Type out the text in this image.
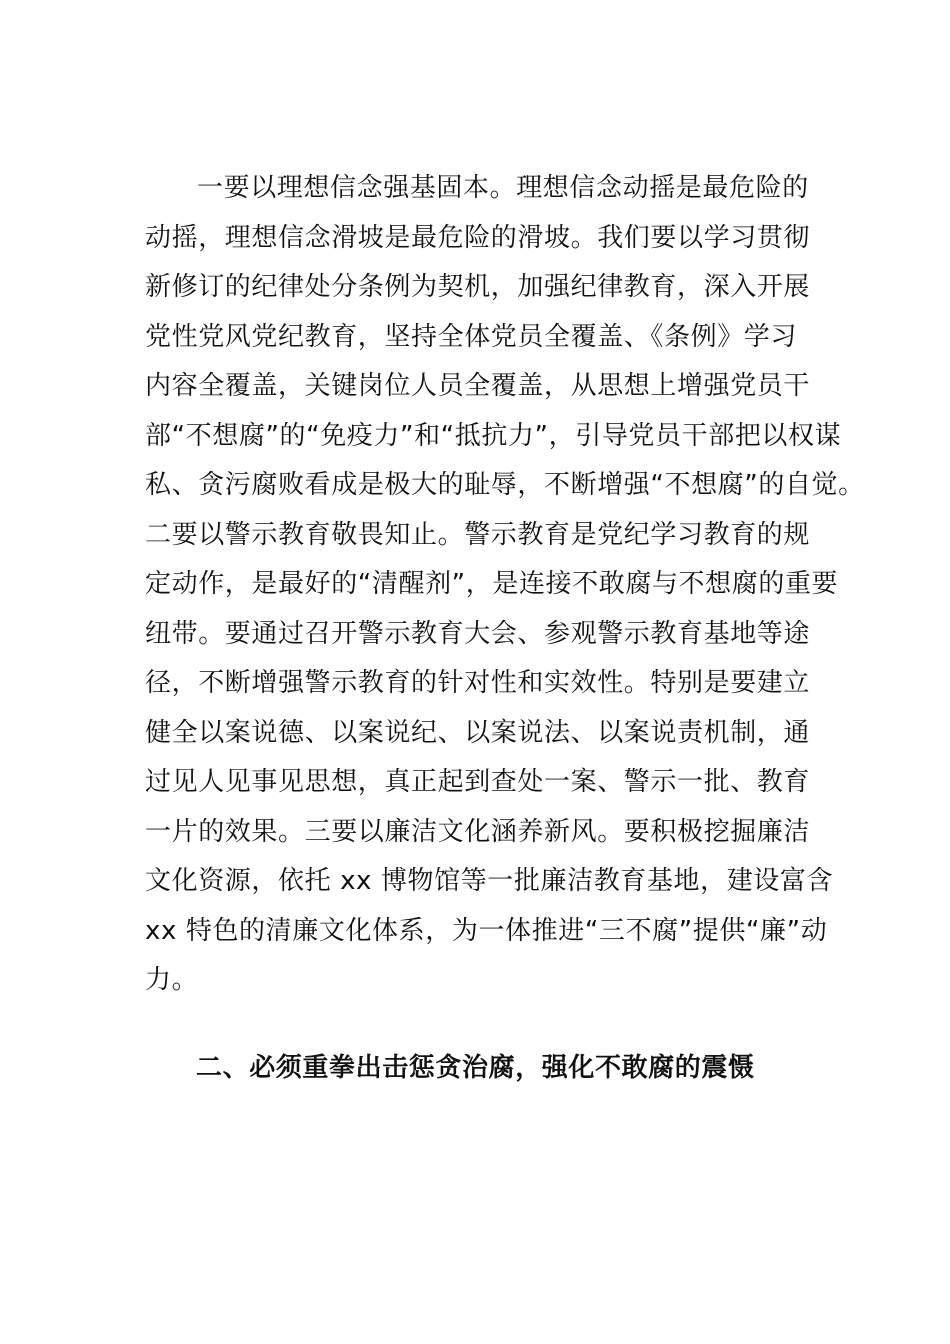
一要以理想信念强基固本。理想信念动摇是最危险的
动摇，理想信念滑坡是最危险的滑坡。我们要以学习贯彻
新修订的纪律处分条例为契机，加强纪律教育，深入开展
党性党风党纪教育，坚持全体党员全覆盖、《条例》学习
内容全覆盖，关键岗位人员全覆盖，从思想上增强党员干
部“不想腐”的“免疫力”和“抵抗力”，引导党员干部把以权谋
私、贪污腐败看成是极大的耻辱，不断增强“不想腐”的自觉。
二要以警示教育敬畏知止。警示教育是党纪学习教育的规
定动作，是最好的“清醒剂”，是连接不敢腐与不想腐的重要
纽带。要通过召开警示教育大会、参观警示教育基地等途
径，不断增强警示教育的针对性和实效性。特别是要建立
健全以案说德、以案说纪、以案说法、以案说责机制，通
过见人见事见思想，真正起到查处一案、警示一批、教育
一片的效果。三要以廉洁文化涵养新风。要积极挖掘廉洁
文化资源，依托 xx 博物馆等一批廉洁教育基地，建设富含
xx 特色的清廉文化体系，为一体推进“三不腐”提供“廉”动
力。
二、必须重拳出击惩贪治腐，强化不敢腐的震慑
